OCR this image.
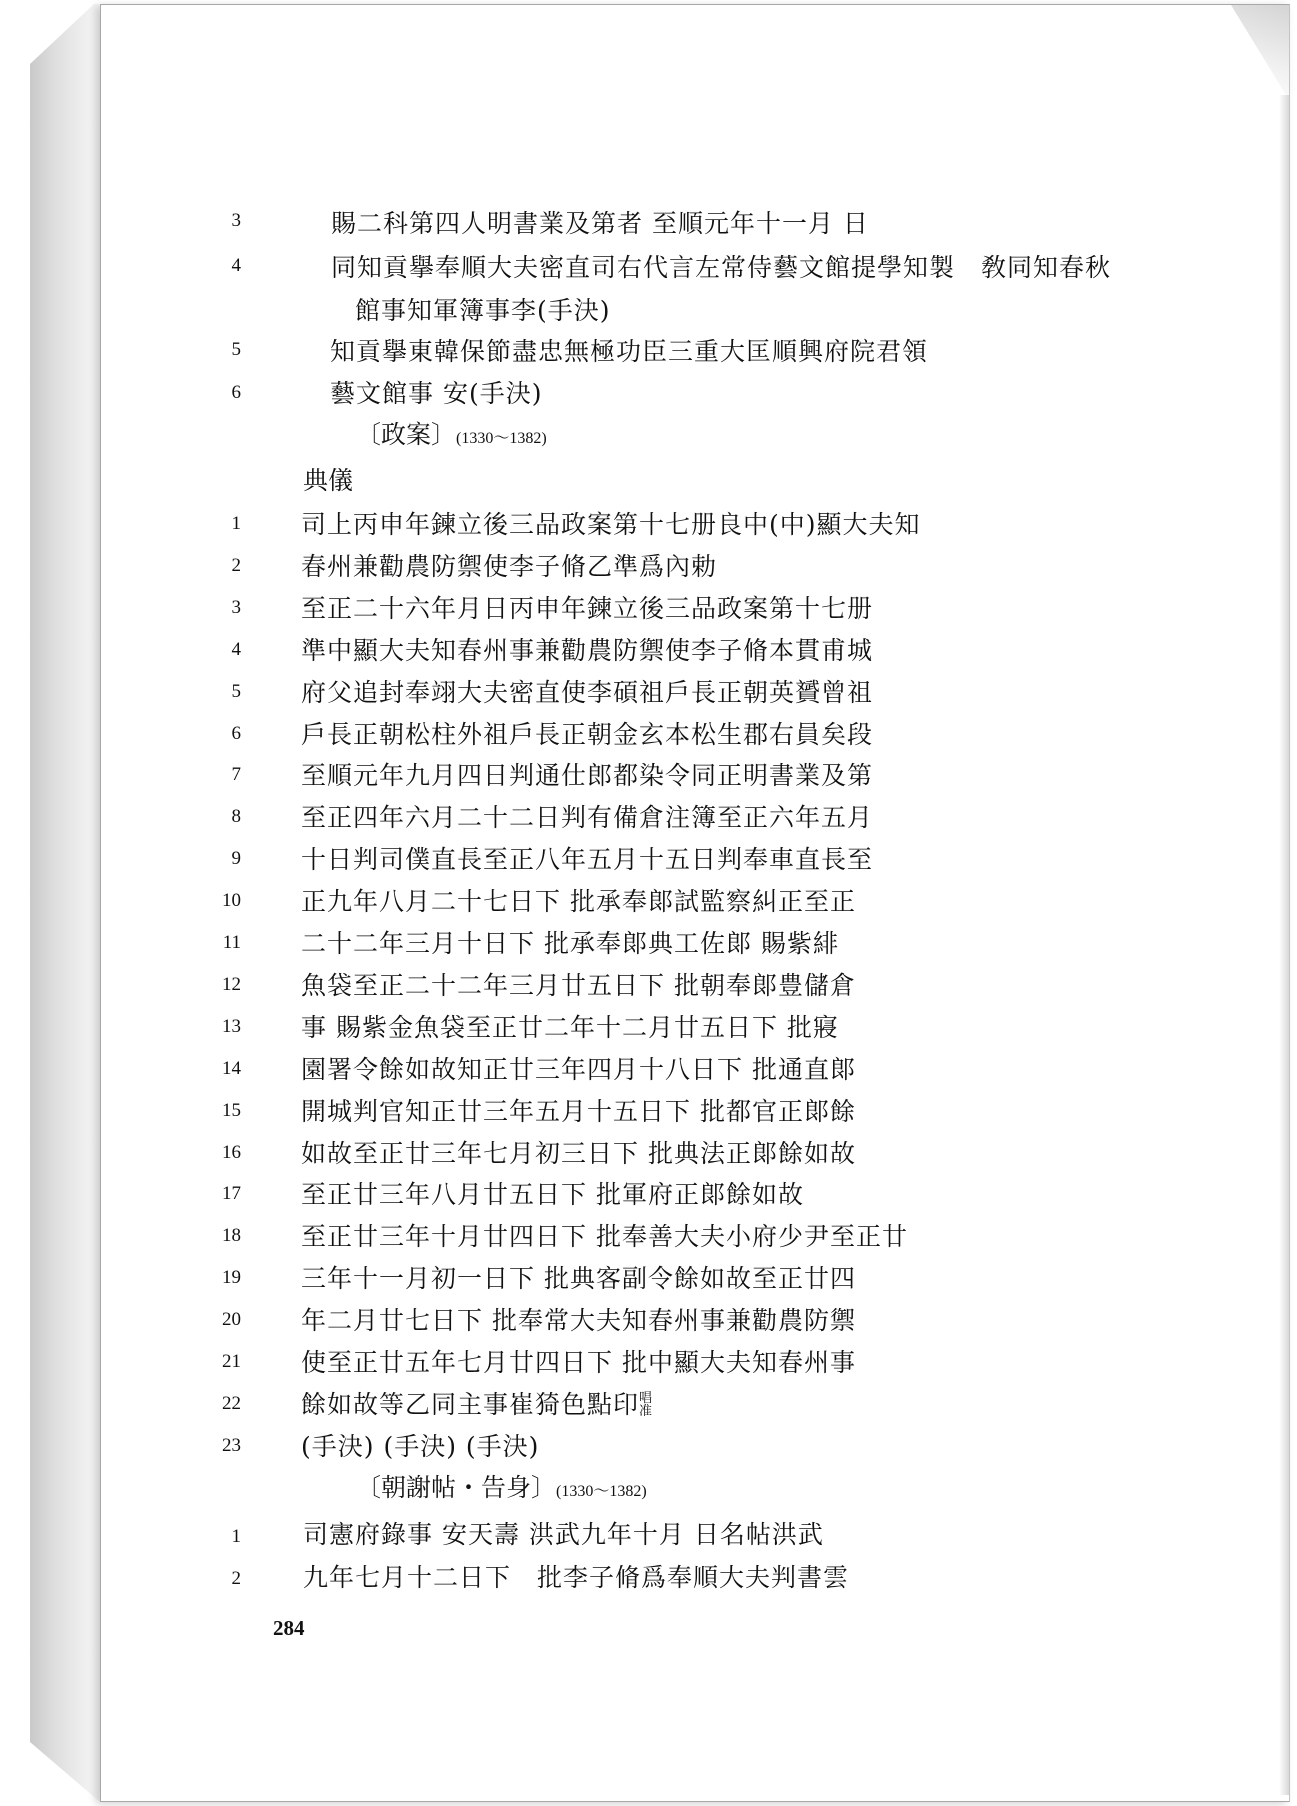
3	賜二科第四人明書業及第者 至順元年十一月 日
4	同知貢擧奉順大夫密直司右代言左常侍藝文館提學知製　敎同知春秋
館事知軍簿事李(手決)
5	知貢擧東韓保節盡忠無極功臣三重大匡順興府院君領
6	藝文館事 安(手決)
〔政案〕(1330〜1382)
典儀
1 司上丙申年鍊立後三品政案第十七册良中(中)顯大夫知
2 春州兼勸農防禦使李子脩乙準爲內勅
3 至正二十六年月日丙申年鍊立後三品政案第十七册
4 準中顯大夫知春州事兼勸農防禦使李子脩本貫甫城
5 府父追封奉翊大夫密直使李碩祖戶長正朝英贇曾祖
6 戶長正朝松柱外祖戶長正朝金玄本松生郡右員矣段
7 至順元年九月四日判通仕郎都染令同正明書業及第
8 至正四年六月二十二日判有備倉注簿至正六年五月
9 十日判司僕直長至正八年五月十五日判奉車直長至
10 正九年八月二十七日下 批承奉郞試監察糾正至正
11 二十二年三月十日下 批承奉郞典工佐郞 賜紫緋
12 魚袋至正二十二年三月廿五日下 批朝奉郞豊儲倉
13 事 賜紫金魚袋至正廿二年十二月廿五日下 批寢
14 園署令餘如故知正廿三年四月十八日下 批通直郞
15 開城判官知正廿三年五月十五日下 批都官正郞餘
16 如故至正廿三年七月初三日下 批典法正郞餘如故
17 至正廿三年八月廿五日下 批軍府正郞餘如故
18 至正廿三年十月廿四日下 批奉善大夫小府少尹至正廿
19 三年十一月初一日下 批典客副令餘如故至正廿四
20 年二月廿七日下 批奉常大夫知春州事兼勸農防禦
21 使至正廿五年七月廿四日下 批中顯大夫知春州事
22 餘如故等乙同主事崔猗色點印唱准
23 (手決) (手決) (手決)
〔朝謝帖・告身〕(1330〜1382)
1 司憲府錄事 安天壽 洪武九年十月 日名帖洪武
2 九年七月十二日下　批李子脩爲奉順大夫判書雲
284
